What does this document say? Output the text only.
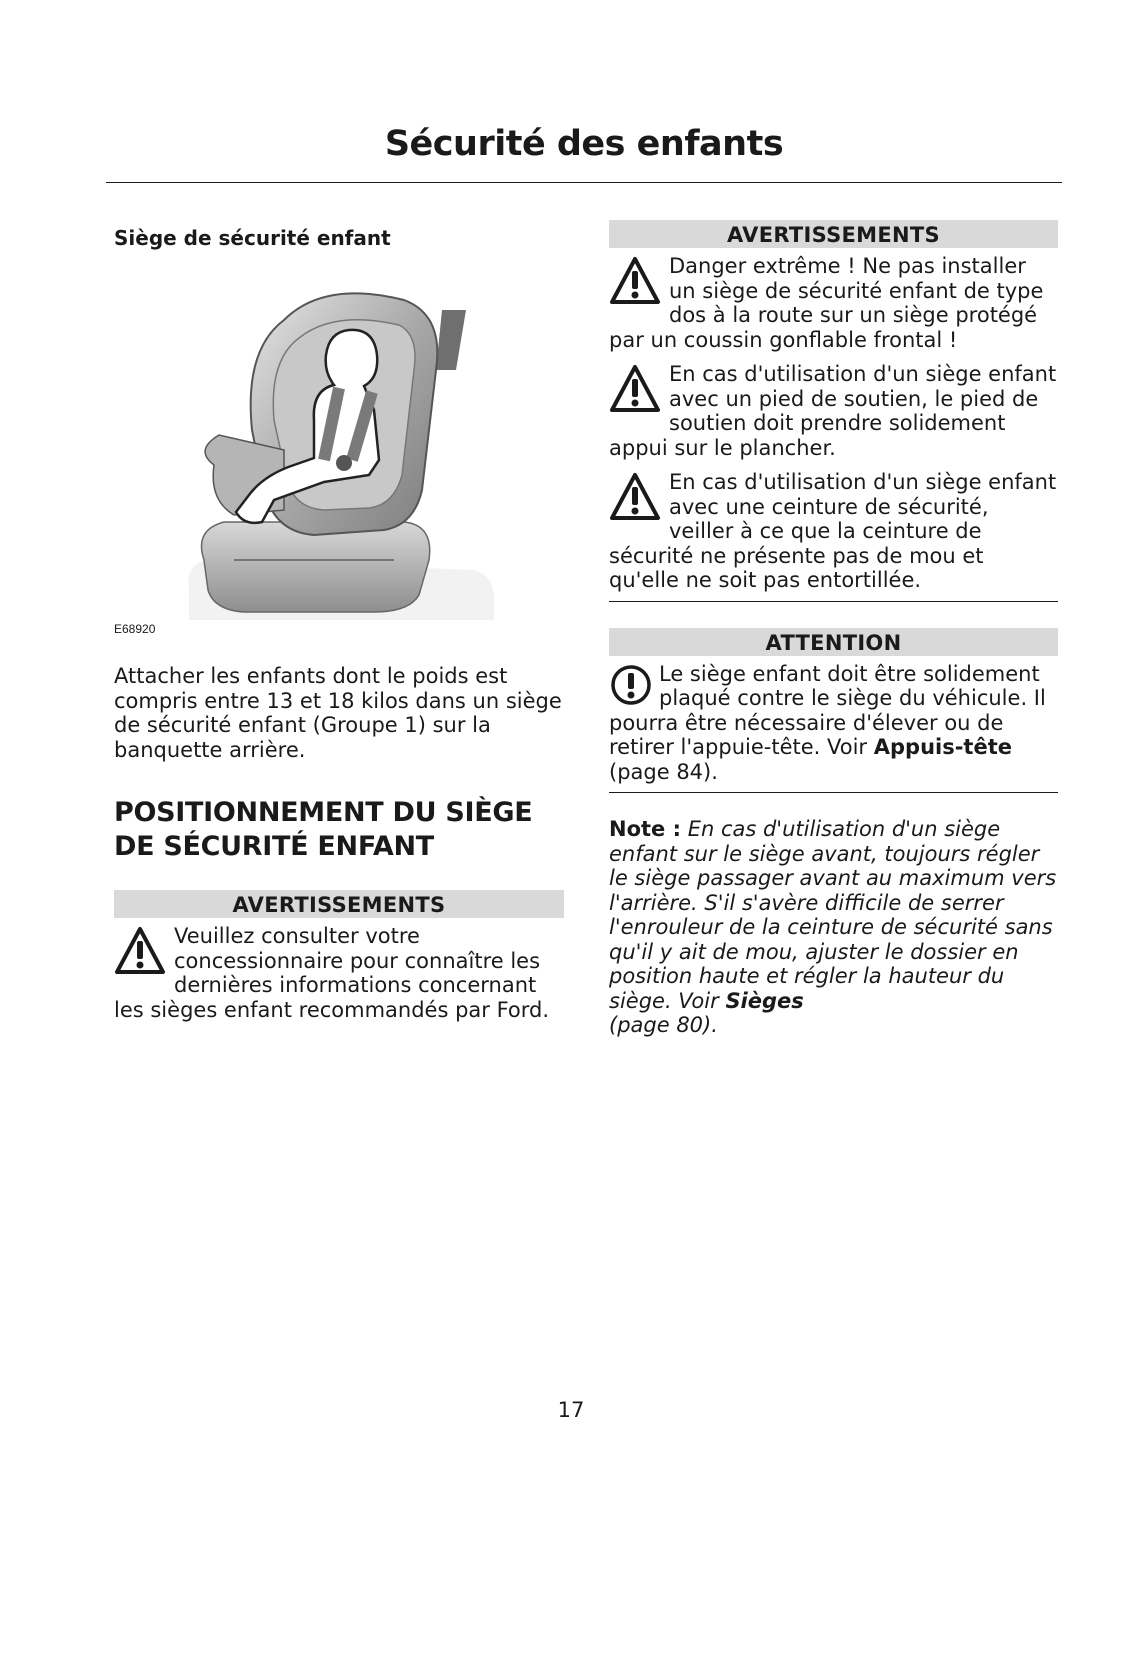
Sécurité des enfants

Siège de sécurité enfant

E68920

Attacher les enfants dont le poids est compris entre 13 et 18 kilos dans un siège de sécurité enfant (Groupe 1) sur la banquette arrière.

POSITIONNEMENT DU SIÈGE
DE SÉCURITÉ ENFANT
AVERTISSEMENTS

Veuillez consulter votre concessionnaire pour connaître les dernières informations concernant les sièges enfant recommandés par Ford.

AVERTISSEMENTS

Danger extrême ! Ne pas installer un siège de sécurité enfant de type dos à la route sur un siège protégé par un coussin gonflable frontal !

En cas d'utilisation d'un siège enfant avec un pied de soutien, le pied de soutien doit prendre solidement appui sur le plancher.

En cas d'utilisation d'un siège enfant avec une ceinture de sécurité, veiller à ce que la ceinture de sécurité ne présente pas de mou et qu'elle ne soit pas entortillée.

ATTENTION

Le siège enfant doit être solidement plaqué contre le siège du véhicule. Il pourra être nécessaire d'élever ou de retirer l'appuie-tête. Voir Appuis-tête
(page 84).

Note : En cas d'utilisation d'un siège enfant sur le siège avant, toujours régler le siège passager avant au maximum vers l'arrière. S'il s'avère difficile de serrer l'enrouleur de la ceinture de sécurité sans qu'il y ait de mou, ajuster le dossier en position haute et régler la hauteur du siège. Voir Sièges
(page 80).

17
